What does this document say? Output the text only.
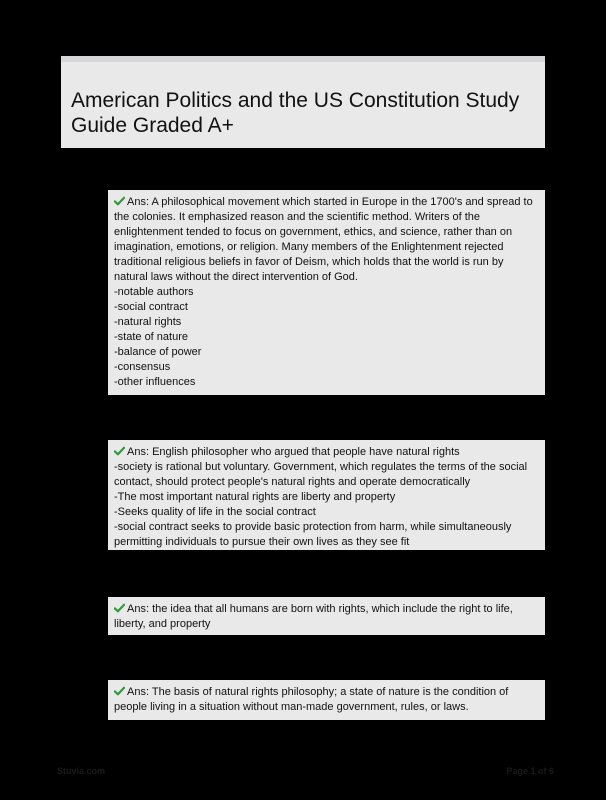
American Politics and the US Constitution Study Guide Graded A+
Ans: A philosophical movement which started in Europe in the 1700's and spread to the colonies. It emphasized reason and the scientific method. Writers of the enlightenment tended to focus on government, ethics, and science, rather than on imagination, emotions, or religion. Many members of the Enlightenment rejected traditional religious beliefs in favor of Deism, which holds that the world is run by natural laws without the direct intervention of God.
-notable authors
-social contract
-natural rights
-state of nature
-balance of power
-consensus
-other influences
Ans: English philosopher who argued that people have natural rights
-society is rational but voluntary. Government, which regulates the terms of the social contact, should protect people's natural rights and operate democratically
-The most important natural rights are liberty and property
-Seeks quality of life in the social contract
-social contract seeks to provide basic protection from harm, while simultaneously permitting individuals to pursue their own lives as they see fit
Ans: the idea that all humans are born with rights, which include the right to life, liberty, and property
Ans: The basis of natural rights philosophy; a state of nature is the condition of people living in a situation without man-made government, rules, or laws.
Stuvia.com	Page 1 of 6
